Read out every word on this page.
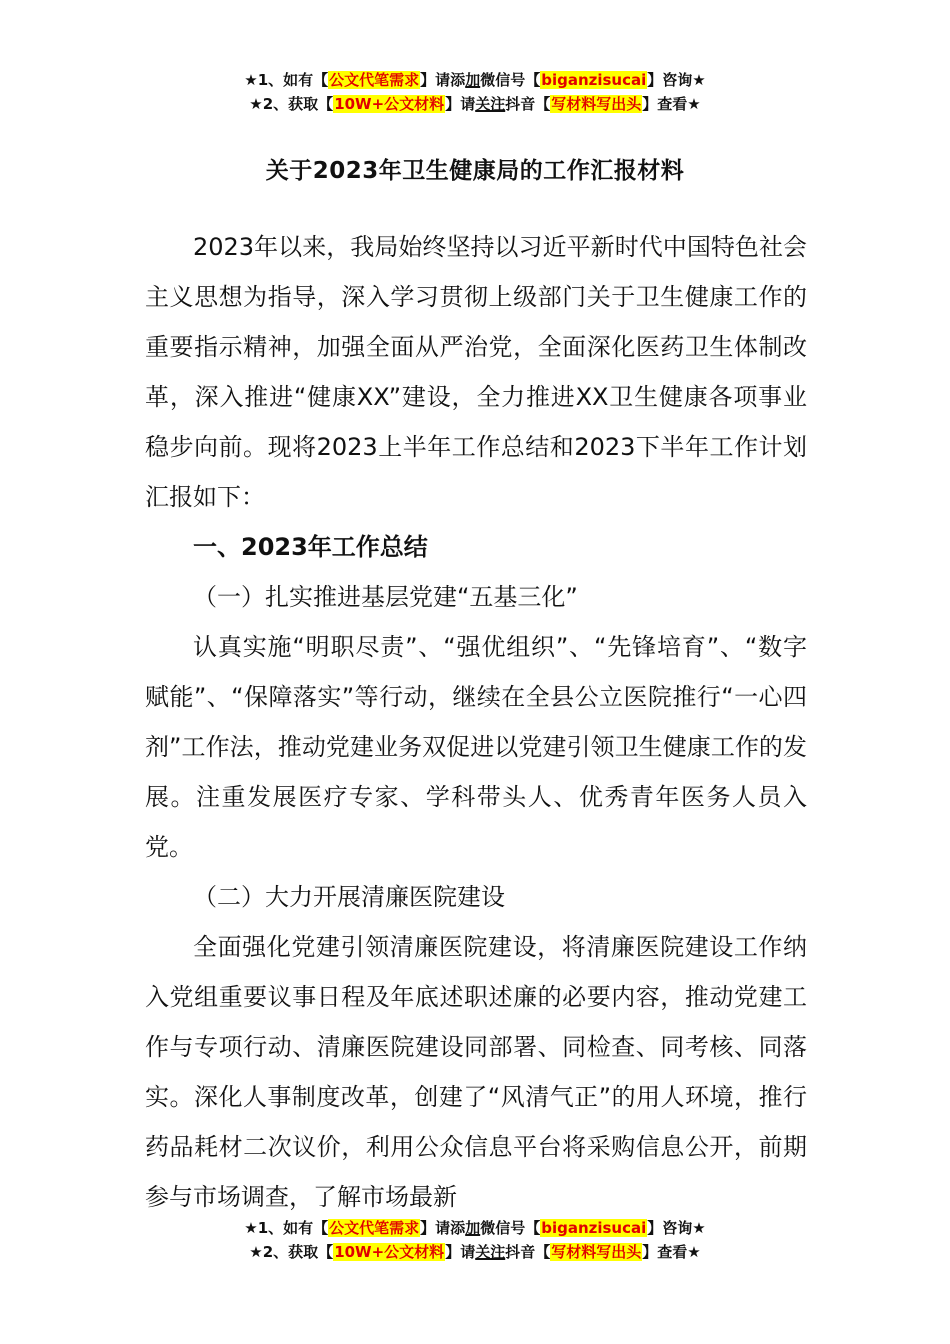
★1、如有【公文代笔需求】请添加微信号【biganzisucai】咨询★
★2、获取【10W+公文材料】请关注抖音【写材料写出头】查看★
关于2023年卫生健康局的工作汇报材料

2023年以来，我局始终坚持以习近平新时代中国特色社会主义思想为指导，深入学习贯彻上级部门关于卫生健康工作的重要指示精神，加强全面从严治党，全面深化医药卫生体制改革，深入推进“健康XX”建设，全力推进XX卫生健康各项事业稳步向前。现将2023上半年工作总结和2023下半年工作计划汇报如下：

一、2023年工作总结

（一）扎实推进基层党建“五基三化”

认真实施“明职尽责”、“强优组织”、“先锋培育”、“数字赋能”、“保障落实”等行动，继续在全县公立医院推行“一心四剂”工作法，推动党建业务双促进以党建引领卫生健康工作的发展。注重发展医疗专家、学科带头人、优秀青年医务人员入党。

（二）大力开展清廉医院建设

全面强化党建引领清廉医院建设，将清廉医院建设工作纳入党组重要议事日程及年底述职述廉的必要内容，推动党建工作与专项行动、清廉医院建设同部署、同检查、同考核、同落实。深化人事制度改革，创建了“风清气正”的用人环境，推行药品耗材二次议价，利用公众信息平台将采购信息公开，前期参与市场调查，了解市场最新

★1、如有【公文代笔需求】请添加微信号【biganzisucai】咨询★
★2、获取【10W+公文材料】请关注抖音【写材料写出头】查看★
